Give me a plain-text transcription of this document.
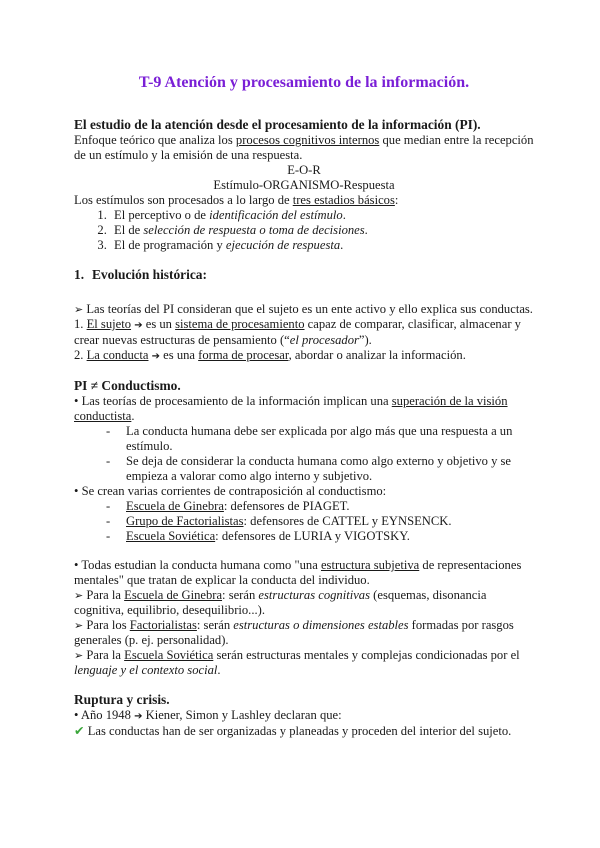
T-9 Atención y procesamiento de la información.
El estudio de la atención desde el procesamiento de la información (PI).

Enfoque teórico que analiza los procesos cognitivos internos que median entre la recepción de un estímulo y la emisión de una respuesta.

E-O-R

Estímulo-ORGANISMO-Respuesta

Los estímulos son procesados a lo largo de tres estadios básicos:

1. El perceptivo o de identificación del estímulo.
2. El de selección de respuesta o toma de decisiones.
3. El de programación y ejecución de respuesta.
1. Evolución histórica:

➢ Las teorías del PI consideran que el sujeto es un ente activo y ello explica sus conductas.

1. El sujeto ➔ es un sistema de procesamiento capaz de comparar, clasificar, almacenar y crear nuevas estructuras de pensamiento (“el procesador”).

2. La conducta ➔ es una forma de procesar, abordar o analizar la información.

PI ≠ Conductismo.

• Las teorías de procesamiento de la información implican una superación de la visión conductista.

- La conducta humana debe ser explicada por algo más que una respuesta a un estímulo.
- Se deja de considerar la conducta humana como algo externo y objetivo y se empieza a valorar como algo interno y subjetivo.

• Se crean varias corrientes de contraposición al conductismo:

- Escuela de Ginebra: defensores de PIAGET.
- Grupo de Factorialistas: defensores de CATTEL y EYNSENCK.
- Escuela Soviética: defensores de LURIA y VIGOTSKY.

• Todas estudian la conducta humana como "una estructura subjetiva de representaciones mentales" que tratan de explicar la conducta del individuo.

➢ Para la Escuela de Ginebra: serán estructuras cognitivas (esquemas, disonancia cognitiva, equilibrio, desequilibrio...).

➢ Para los Factorialistas: serán estructuras o dimensiones estables formadas por rasgos generales (p. ej. personalidad).

➢ Para la Escuela Soviética serán estructuras mentales y complejas condicionadas por el lenguaje y el contexto social.

Ruptura y crisis.

• Año 1948 ➔ Kiener, Simon y Lashley declaran que:

✔ Las conductas han de ser organizadas y planeadas y proceden del interior del sujeto.
